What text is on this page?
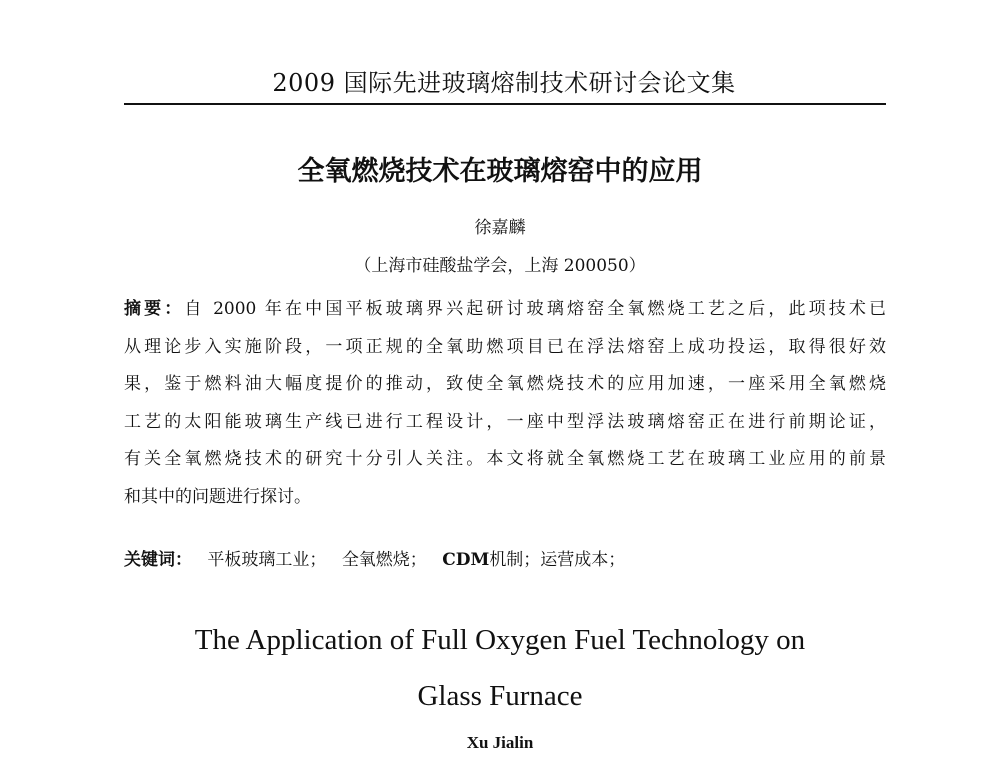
2009 国际先进玻璃熔制技术研讨会论文集
全氧燃烧技术在玻璃熔窑中的应用
徐嘉麟
（上海市硅酸盐学会，上海 200050）
摘要：自 2000 年在中国平板玻璃界兴起研讨玻璃熔窑全氧燃烧工艺之后，此项技术已
从理论步入实施阶段，一项正规的全氧助燃项目已在浮法熔窑上成功投运，取得很好效
果，鉴于燃料油大幅度提价的推动，致使全氧燃烧技术的应用加速，一座采用全氧燃烧
工艺的太阳能玻璃生产线已进行工程设计，一座中型浮法玻璃熔窑正在进行前期论证，
有关全氧燃烧技术的研究十分引人关注。本文将就全氧燃烧工艺在玻璃工业应用的前景
和其中的问题进行探讨。
关键词： 平板玻璃工业； 全氧燃烧； CDM机制；运营成本；
The Application of Full Oxygen Fuel Technology on
Glass Furnace
Xu Jialin
